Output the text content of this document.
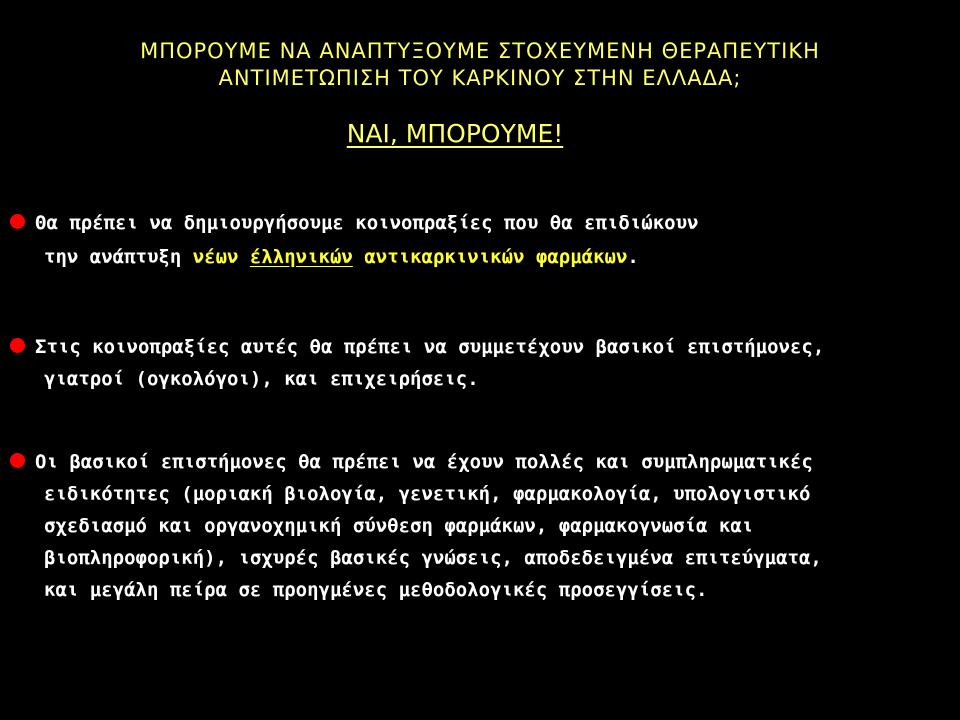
ΜΠΟΡΟΥΜΕ ΝΑ ΑΝΑΠΤΥΞΟΥΜΕ ΣΤΟΧΕΥΜΕΝΗ ΘΕΡΑΠΕΥΤΙΚΗ
ΑΝΤΙΜΕΤΩΠΙΣΗ ΤΟΥ ΚΑΡΚΙΝΟΥ ΣΤΗΝ ΕΛΛΑΔΑ;
ΝΑΙ, ΜΠΟΡΟΥΜΕ!
Θα πρέπει να δημιουργήσουμε κοινοπραξίες που θα επιδιώκουν
την ανάπτυξη νέων έλληνικών αντικαρκινικών φαρμάκων.
Στις κοινοπραξίες αυτές θα πρέπει να συμμετέχουν βασικοί επιστήμονες,
γιατροί (ογκολόγοι), και επιχειρήσεις.
Οι βασικοί επιστήμονες θα πρέπει να έχουν πολλές και συμπληρωματικές
ειδικότητες (μοριακή βιολογία, γενετική, φαρμακολογία, υπολογιστικό
σχεδιασμό και οργανοχημική σύνθεση φαρμάκων, φαρμακογνωσία και
βιοπληροφορική), ισχυρές βασικές γνώσεις, αποδεδειγμένα επιτεύγματα,
και μεγάλη πείρα σε προηγμένες μεθοδολογικές προσεγγίσεις.
